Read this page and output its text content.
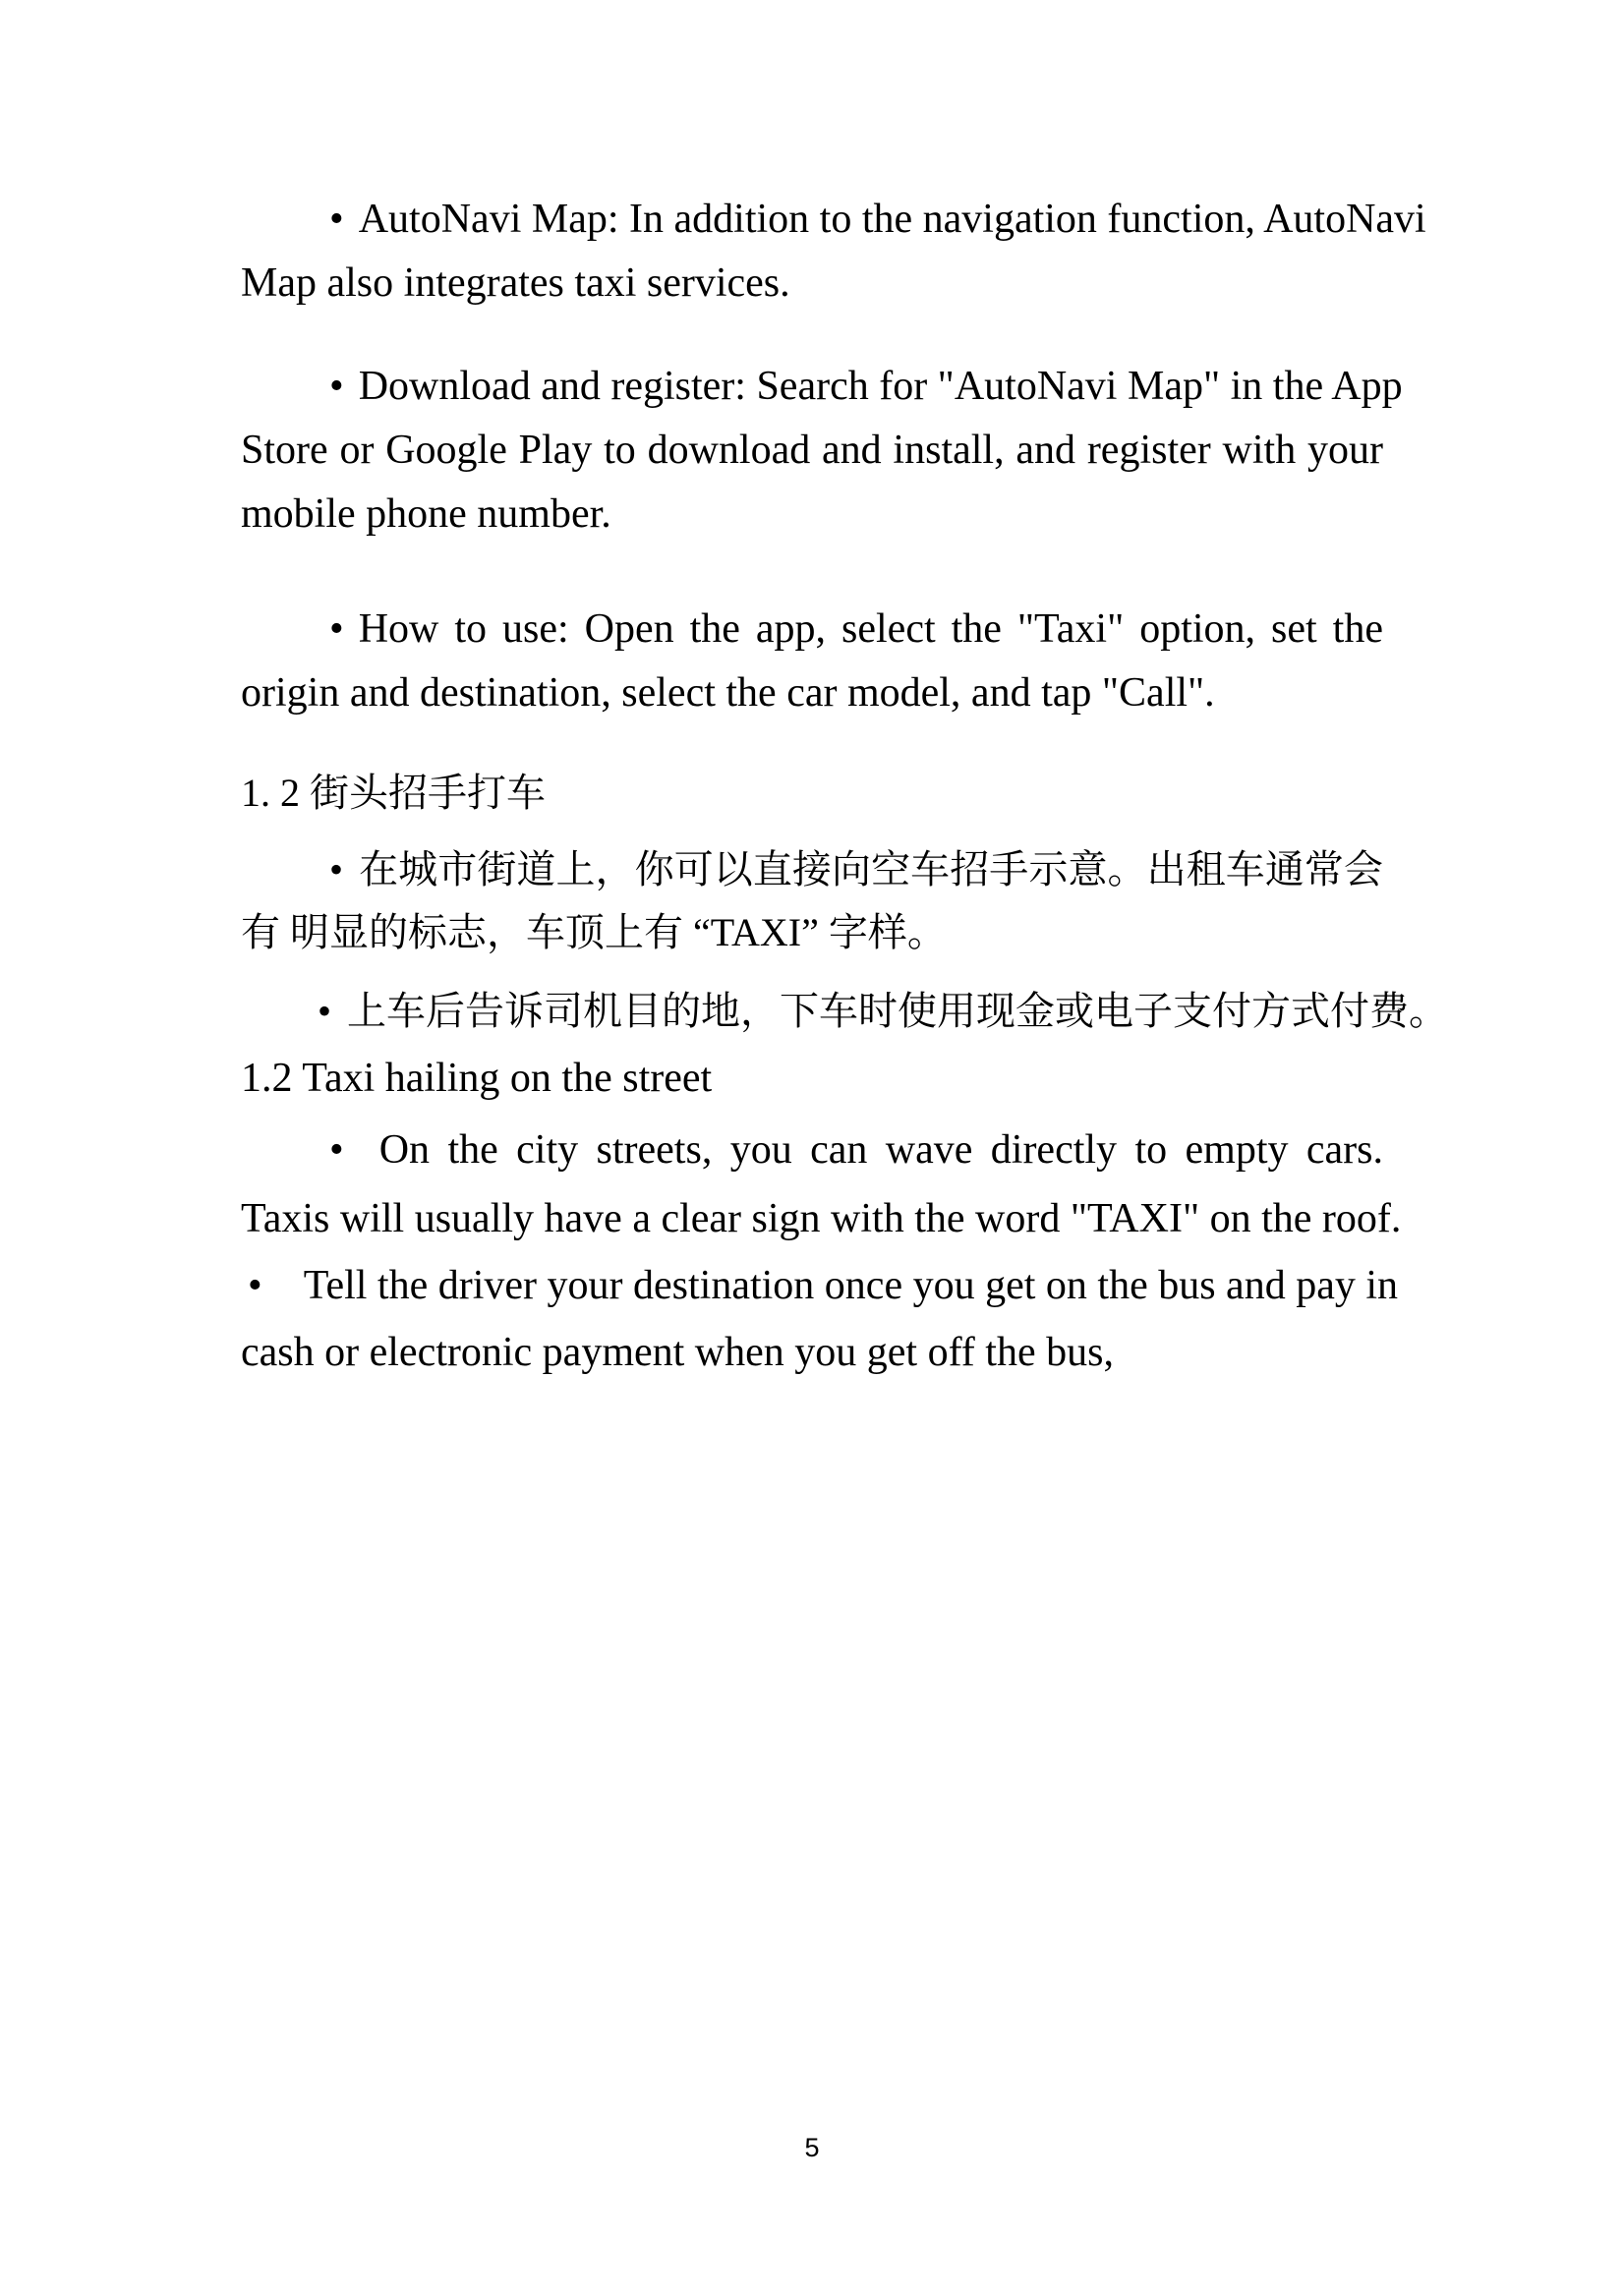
• AutoNavi Map: In addition to the navigation function, AutoNavi
Map also integrates taxi services.
• Download and register: Search for "AutoNavi Map" in the App
Store or Google Play to download and install, and register with your
mobile phone number.
• How to use: Open the app, select the "Taxi" option, set the
origin and destination, select the car model, and tap "Call".
1. 2 街头招手打车
• 在城市街道上，你可以直接向空车招手示意。出租车通常会
有 明显的标志，车顶上有 “TAXI” 字样。
• 上车后告诉司机目的地，下车时使用现金或电子支付方式付费。
1.2 Taxi hailing on the street
• On the city streets, you can wave directly to empty cars.
Taxis will usually have a clear sign with the word "TAXI" on the roof.
• Tell the driver your destination once you get on the bus and pay in
cash or electronic payment when you get off the bus,
5
